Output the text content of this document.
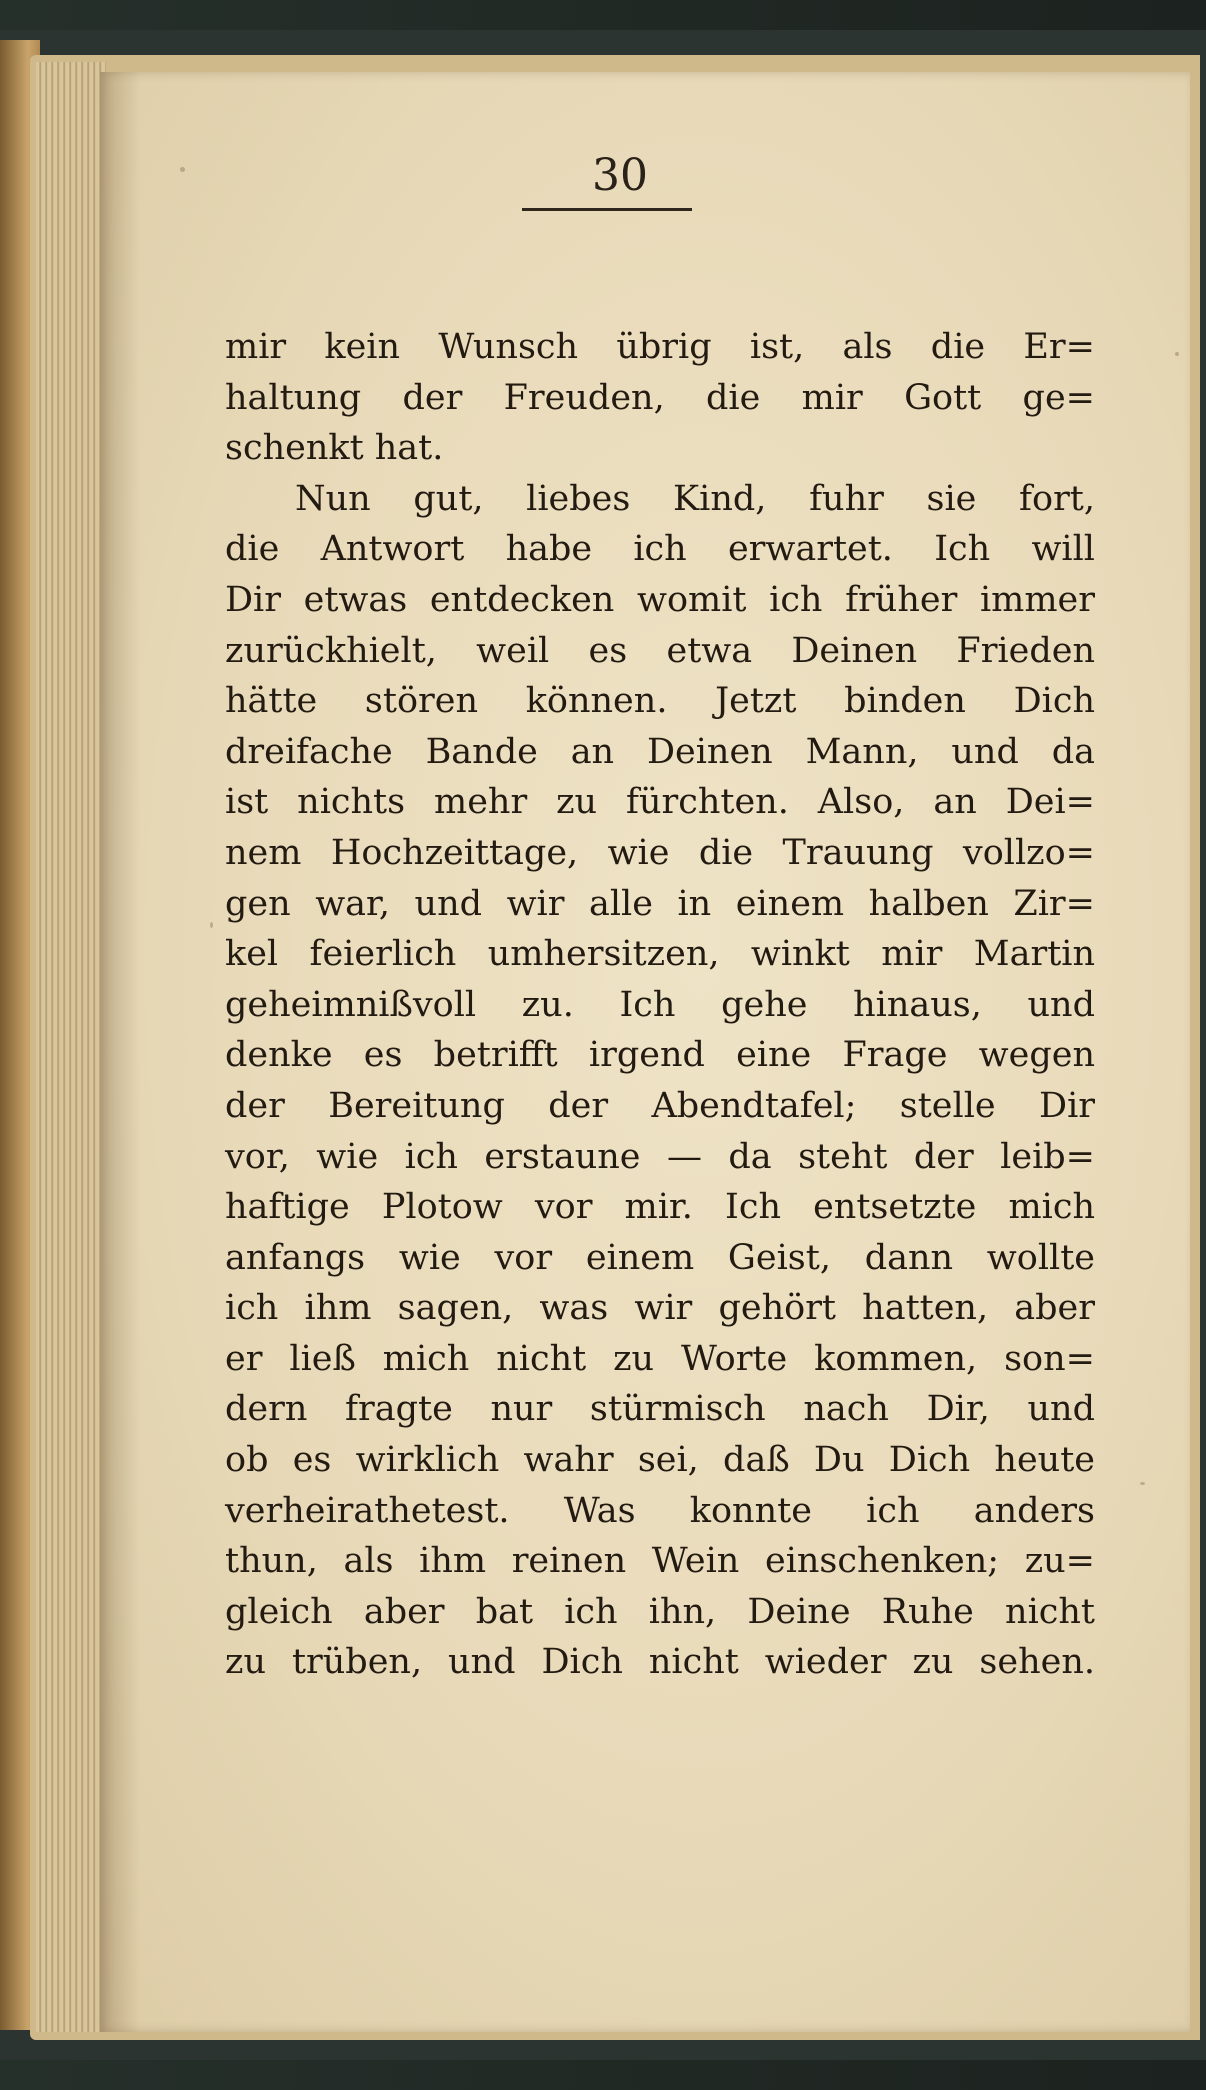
30
mir kein Wunsch übrig ist, als die Er=
haltung der Freuden, die mir Gott ge=
schenkt hat.
Nun gut, liebes Kind, fuhr sie fort,
die Antwort habe ich erwartet. Ich will
Dir etwas entdecken womit ich früher immer
zurückhielt, weil es etwa Deinen Frieden
hätte stören können. Jetzt binden Dich
dreifache Bande an Deinen Mann, und da
ist nichts mehr zu fürchten. Also, an Dei=
nem Hochzeittage, wie die Trauung vollzo=
gen war, und wir alle in einem halben Zir=
kel feierlich umhersitzen, winkt mir Martin
geheimnißvoll zu. Ich gehe hinaus, und
denke es betrifft irgend eine Frage wegen
der Bereitung der Abendtafel; stelle Dir
vor, wie ich erstaune — da steht der leib=
haftige Plotow vor mir. Ich entsetzte mich
anfangs wie vor einem Geist, dann wollte
ich ihm sagen, was wir gehört hatten, aber
er ließ mich nicht zu Worte kommen, son=
dern fragte nur stürmisch nach Dir, und
ob es wirklich wahr sei, daß Du Dich heute
verheirathetest. Was konnte ich anders
thun, als ihm reinen Wein einschenken; zu=
gleich aber bat ich ihn, Deine Ruhe nicht
zu trüben, und Dich nicht wieder zu sehen.
